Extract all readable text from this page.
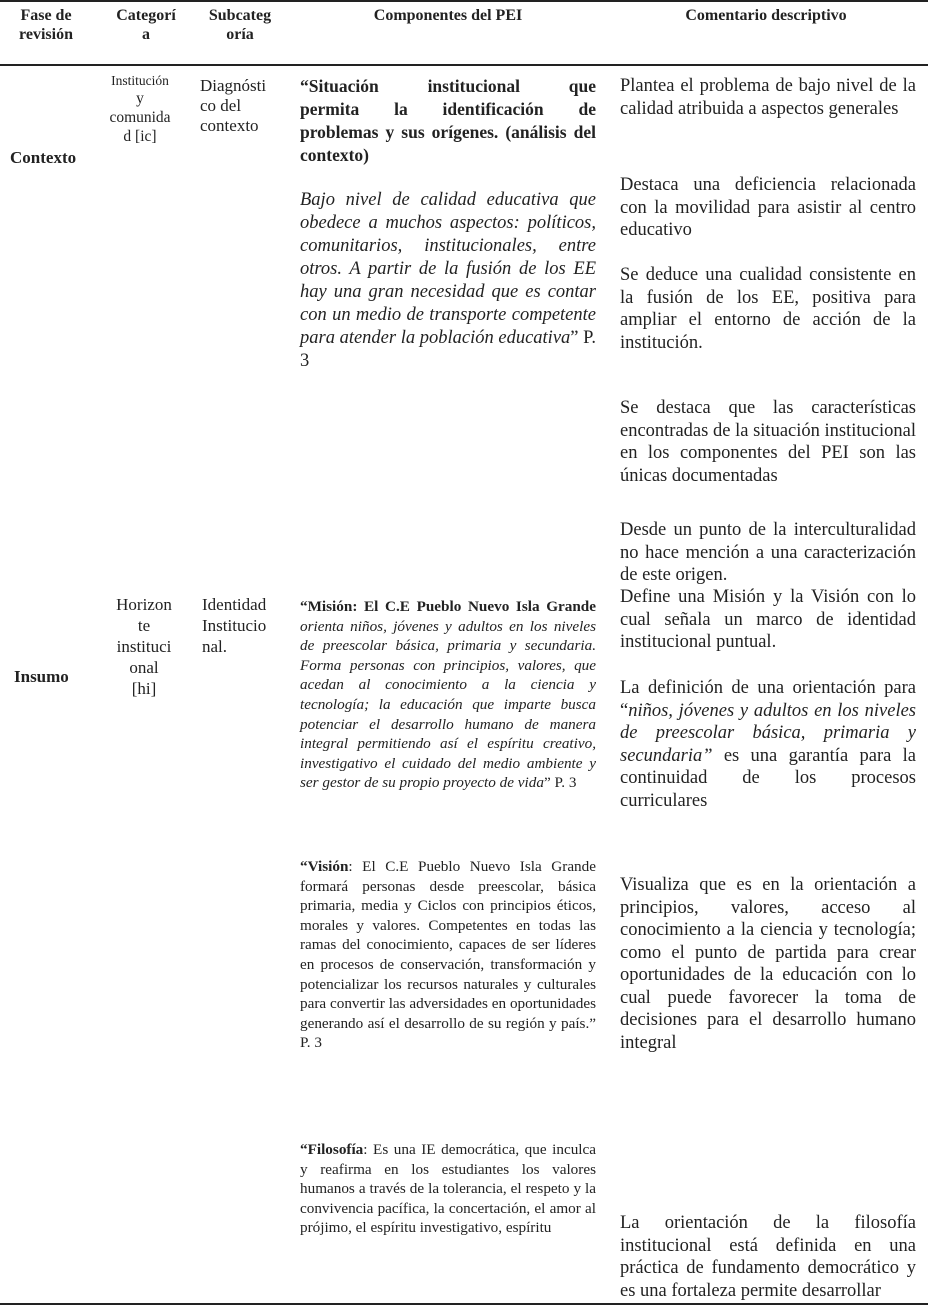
Fase de
revisión
Categorí
a
Subcateg
oría
Componentes del PEI	Comentario descriptivo
Contexto
Institución
y
comunida
d [ic]
Diagnósti
co del
contexto
“Situación        institucional        que
permita   la   identificación   de problemas y sus orígenes. (análisis del contexto)
Bajo nivel de calidad educativa que obedece a muchos aspectos: políticos, comunitarios, institucionales, entre otros. A partir de la fusión de los EE hay una gran necesidad que es contar con un medio de transporte competente para atender la población educativa” P. 3
Plantea el problema de bajo nivel de la calidad atribuida a aspectos generales
Destaca una deficiencia relacionada con la movilidad para asistir al centro educativo
Se deduce una cualidad consistente en la fusión de los EE, positiva para ampliar el entorno de acción de la institución.
Se destaca que las características encontradas de la situación institucional en los componentes del PEI son las únicas documentadas
Desde un punto de la interculturalidad no hace mención a una caracterización de este origen.
Insumo
Horizon
te
instituci
onal
[hi]
Identidad
Institucio
nal.
“Misión: El C.E Pueblo Nuevo Isla Grande orienta niños, jóvenes y adultos en los niveles de preescolar básica, primaria y secundaria. Forma personas con principios, valores, que acedan al conocimiento a la ciencia y tecnología; la educación que imparte busca potenciar el desarrollo humano de manera integral permitiendo así el espíritu creativo, investigativo el cuidado del medio ambiente y ser gestor de su propio proyecto de vida” P. 3
“Visión: El C.E Pueblo Nuevo Isla Grande formará personas desde preescolar, básica primaria, media y Ciclos con principios éticos, morales y valores. Competentes en todas las ramas del conocimiento, capaces de ser líderes en procesos de conservación, transformación y potencializar los recursos naturales y culturales para convertir las adversidades en oportunidades generando así el desarrollo de su región y país.” P. 3
“Filosofía: Es una IE democrática, que inculca y reafirma en los estudiantes los valores humanos a través de la tolerancia, el respeto y la convivencia pacífica, la concertación, el amor al prójimo, el espíritu investigativo, espíritu
Define una Misión y la Visión con lo cual señala un marco de identidad institucional puntual.
La definición de una orientación para “niños, jóvenes y adultos en los niveles de preescolar básica, primaria y secundaria” es una garantía para la continuidad de los procesos curriculares
Visualiza que es en la orientación a principios, valores, acceso al conocimiento a la ciencia y tecnología; como el punto de partida para crear oportunidades de la educación con lo cual puede favorecer la toma de decisiones para el desarrollo humano integral
La orientación de la filosofía institucional está definida en una práctica de fundamento democrático y es una fortaleza permite desarrollar
